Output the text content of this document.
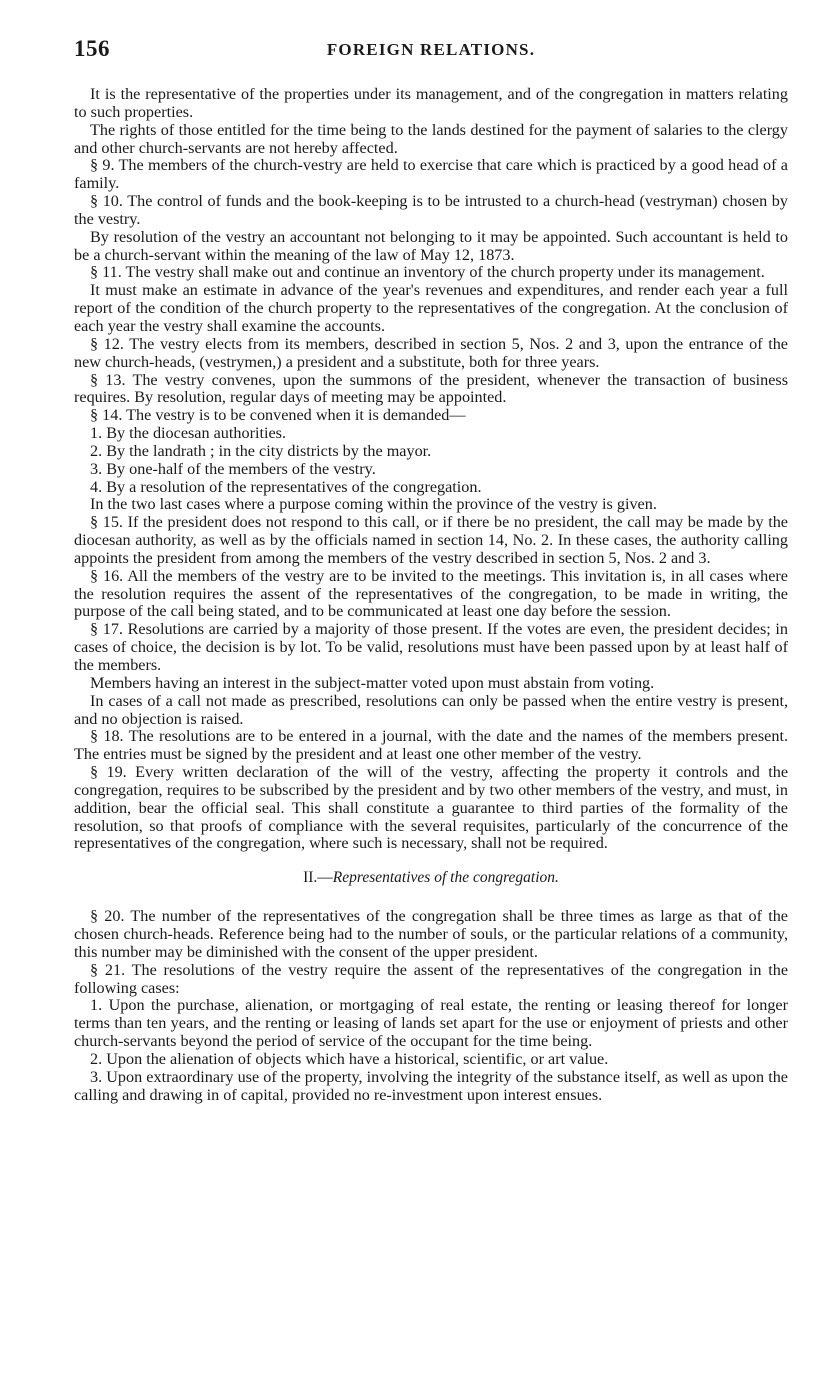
156	FOREIGN RELATIONS.

It is the representative of the properties under its management, and of the congregation in matters relating to such properties.

The rights of those entitled for the time being to the lands destined for the payment of salaries to the clergy and other church-servants are not hereby affected.

§ 9. The members of the church-vestry are held to exercise that care which is practiced by a good head of a family.

§ 10. The control of funds and the book-keeping is to be intrusted to a church-head (vestryman) chosen by the vestry.

By resolution of the vestry an accountant not belonging to it may be appointed. Such accountant is held to be a church-servant within the meaning of the law of May 12, 1873.

§ 11. The vestry shall make out and continue an inventory of the church property under its management.

It must make an estimate in advance of the year's revenues and expenditures, and render each year a full report of the condition of the church property to the representatives of the congregation. At the conclusion of each year the vestry shall examine the accounts.

§ 12. The vestry elects from its members, described in section 5, Nos. 2 and 3, upon the entrance of the new church-heads, (vestrymen,) a president and a substitute, both for three years.

§ 13. The vestry convenes, upon the summons of the president, whenever the transaction of business requires. By resolution, regular days of meeting may be appointed.

§ 14. The vestry is to be convened when it is demanded—

1. By the diocesan authorities.

2. By the landrath ; in the city districts by the mayor.

3. By one-half of the members of the vestry.

4. By a resolution of the representatives of the congregation.

In the two last cases where a purpose coming within the province of the vestry is given.

§ 15. If the president does not respond to this call, or if there be no president, the call may be made by the diocesan authority, as well as by the officials named in section 14, No. 2. In these cases, the authority calling appoints the president from among the members of the vestry described in section 5, Nos. 2 and 3.

§ 16. All the members of the vestry are to be invited to the meetings. This invitation is, in all cases where the resolution requires the assent of the representatives of the congregation, to be made in writing, the purpose of the call being stated, and to be communicated at least one day before the session.

§ 17. Resolutions are carried by a majority of those present. If the votes are even, the president decides; in cases of choice, the decision is by lot. To be valid, resolutions must have been passed upon by at least half of the members.

Members having an interest in the subject-matter voted upon must abstain from voting.

In cases of a call not made as prescribed, resolutions can only be passed when the entire vestry is present, and no objection is raised.

§ 18. The resolutions are to be entered in a journal, with the date and the names of the members present. The entries must be signed by the president and at least one other member of the vestry.

§ 19. Every written declaration of the will of the vestry, affecting the property it controls and the congregation, requires to be subscribed by the president and by two other members of the vestry, and must, in addition, bear the official seal. This shall constitute a guarantee to third parties of the formality of the resolution, so that proofs of compliance with the several requisites, particularly of the concurrence of the representatives of the congregation, where such is necessary, shall not be required.

II.—Representatives of the congregation.

§ 20. The number of the representatives of the congregation shall be three times as large as that of the chosen church-heads. Reference being had to the number of souls, or the particular relations of a community, this number may be diminished with the consent of the upper president.

§ 21. The resolutions of the vestry require the assent of the representatives of the congregation in the following cases:

1. Upon the purchase, alienation, or mortgaging of real estate, the renting or leasing thereof for longer terms than ten years, and the renting or leasing of lands set apart for the use or enjoyment of priests and other church-servants beyond the period of service of the occupant for the time being.

2. Upon the alienation of objects which have a historical, scientific, or art value.

3. Upon extraordinary use of the property, involving the integrity of the substance itself, as well as upon the calling and drawing in of capital, provided no re-investment upon interest ensues.
